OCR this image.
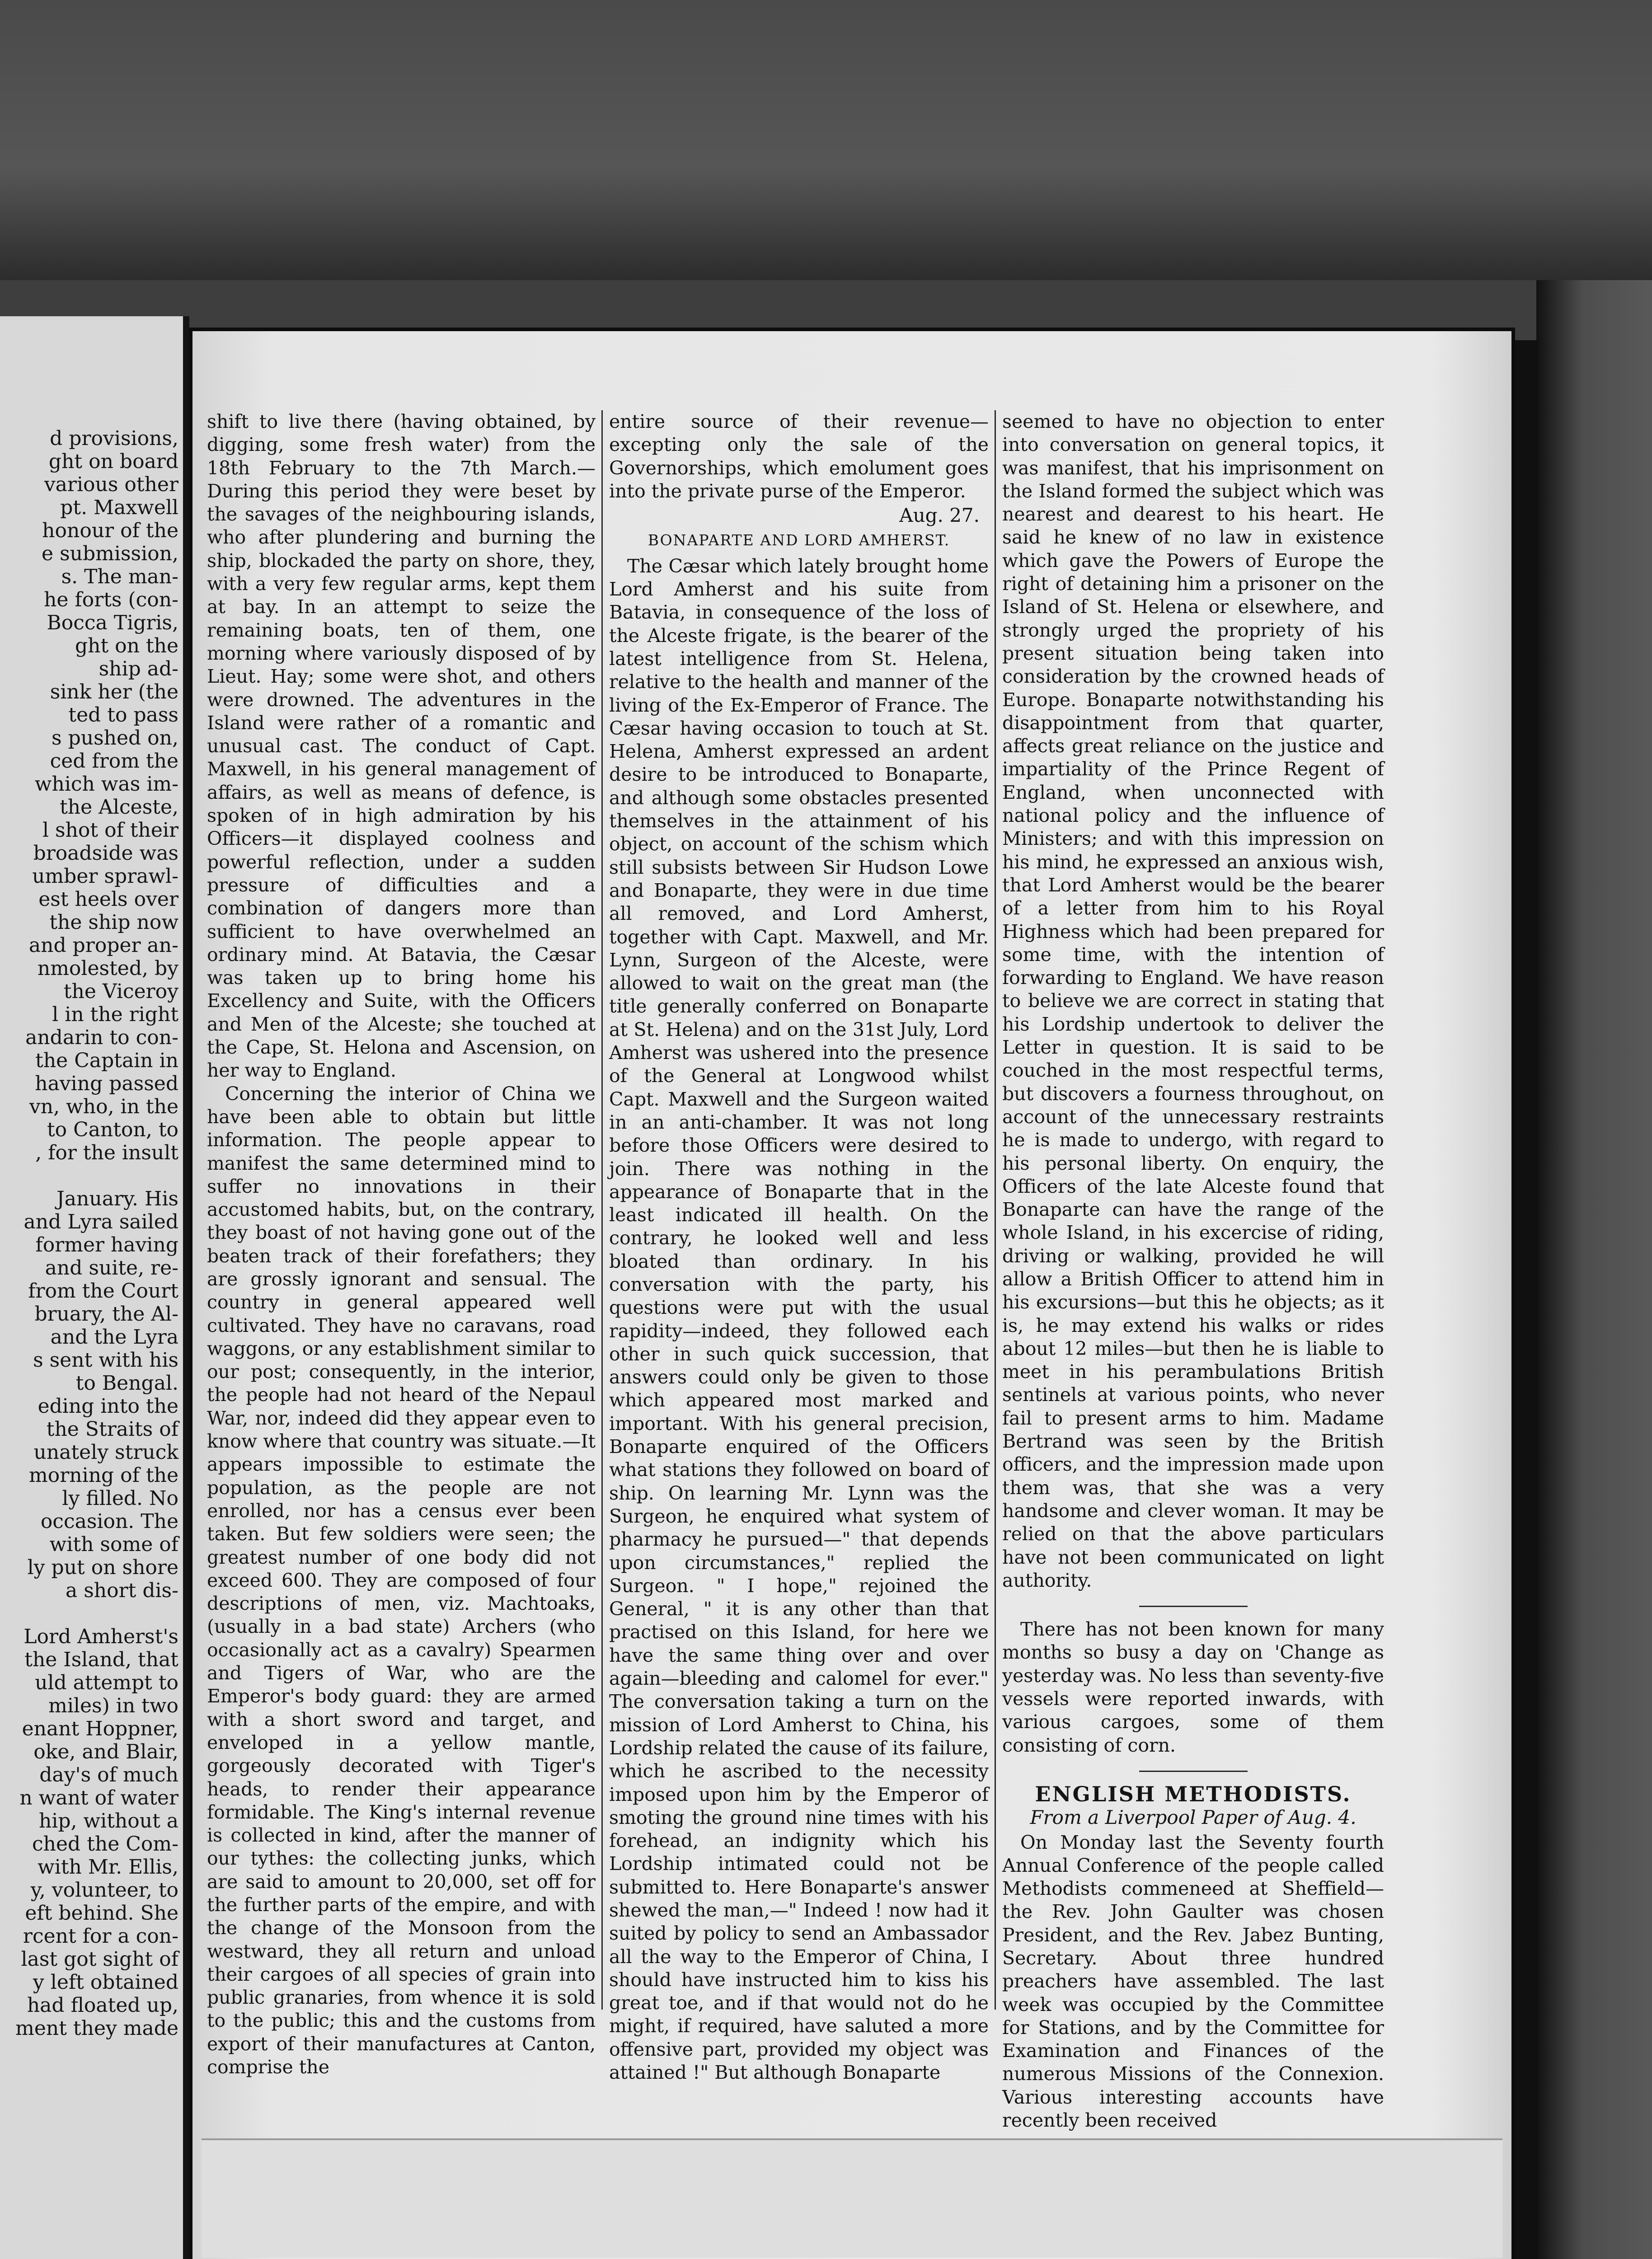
d provisions,
ght on board
various other
pt. Maxwell
honour of the
e submission,
s. The man-
he forts (con-
Bocca Tigris,
ght on the
ship ad-
sink her (the
ted to pass
s pushed on,
ced from the
which was im-
the Alceste,
l shot of their
broadside was
umber sprawl-
est heels over
the ship now
and proper an-
nmolested, by
the Viceroy
l in the right
andarin to con-
the Captain in
having passed
vn, who, in the
to Canton, to
, for the insult
January. His
and Lyra sailed
former having
and suite, re-
from the Court
bruary, the Al-
and the Lyra
s sent with his
to Bengal.
eding into the
the Straits of
unately struck
morning of the
ly filled. No
occasion. The
with some of
ly put on shore
a short dis-
Lord Amherst's
the Island, that
uld attempt to
miles) in two
enant Hoppner,
oke, and Blair,
day's of much
n want of water
hip, without a
ched the Com-
with Mr. Ellis,
y, volunteer, to
eft behind. She
rcent for a con-
last got sight of
y left obtained
had floated up,
ment they made

shift to live there (having obtained, by digging, some fresh water) from the 18th February to the 7th March.—During this period they were beset by the savages of the neighbouring islands, who after plundering and burning the ship, blockaded the party on shore, they, with a very few regular arms, kept them at bay. In an attempt to seize the remaining boats, ten of them, one morning where variously disposed of by Lieut. Hay; some were shot, and others were drowned. The adventures in the Island were rather of a romantic and unusual cast. The conduct of Capt. Maxwell, in his general management of affairs, as well as means of defence, is spoken of in high admiration by his Officers—it displayed coolness and powerful reflection, under a sudden pressure of difficulties and a combination of dangers more than sufficient to have overwhelmed an ordinary mind. At Batavia, the Cæsar was taken up to bring home his Excellency and Suite, with the Officers and Men of the Alceste; she touched at the Cape, St. Helona and Ascension, on her way to England.

Concerning the interior of China we have been able to obtain but little information. The people appear to manifest the same determined mind to suffer no innovations in their accustomed habits, but, on the contrary, they boast of not having gone out of the beaten track of their forefathers; they are grossly ignorant and sensual. The country in general appeared well cultivated. They have no caravans, road waggons, or any establishment similar to our post; consequently, in the interior, the people had not heard of the Nepaul War, nor, indeed did they appear even to know where that country was situate.—It appears impossible to estimate the population, as the people are not enrolled, nor has a census ever been taken. But few soldiers were seen; the greatest number of one body did not exceed 600. They are composed of four descriptions of men, viz. Machtoaks, (usually in a bad state) Archers (who occasionally act as a cavalry) Spearmen and Tigers of War, who are the Emperor's body guard: they are armed with a short sword and target, and enveloped in a yellow mantle, gorgeously decorated with Tiger's heads, to render their appearance formidable. The King's internal revenue is collected in kind, after the manner of our tythes: the collecting junks, which are said to amount to 20,000, set off for the further parts of the empire, and with the change of the Monsoon from the westward, they all return and unload their cargoes of all species of grain into public granaries, from whence it is sold to the public; this and the customs from export of their manufactures at Canton, comprise the

entire source of their revenue—excepting only the sale of the Governorships, which emolument goes into the private purse of the Emperor.

Aug. 27.
BONAPARTE AND LORD AMHERST.

The Cæsar which lately brought home Lord Amherst and his suite from Batavia, in consequence of the loss of the Alceste frigate, is the bearer of the latest intelligence from St. Helena, relative to the health and manner of the living of the Ex-Emperor of France. The Cæsar having occasion to touch at St. Helena, Amherst expressed an ardent desire to be introduced to Bonaparte, and although some obstacles presented themselves in the attainment of his object, on account of the schism which still subsists between Sir Hudson Lowe and Bonaparte, they were in due time all removed, and Lord Amherst, together with Capt. Maxwell, and Mr. Lynn, Surgeon of the Alceste, were allowed to wait on the great man (the title generally conferred on Bonaparte at St. Helena) and on the 31st July, Lord Amherst was ushered into the presence of the General at Longwood whilst Capt. Maxwell and the Surgeon waited in an anti-chamber. It was not long before those Officers were desired to join. There was nothing in the appearance of Bonaparte that in the least indicated ill health. On the contrary, he looked well and less bloated than ordinary. In his conversation with the party, his questions were put with the usual rapidity—indeed, they followed each other in such quick succession, that answers could only be given to those which appeared most marked and important. With his general precision, Bonaparte enquired of the Officers what stations they followed on board of ship. On learning Mr. Lynn was the Surgeon, he enquired what system of pharmacy he pursued—" that depends upon circumstances," replied the Surgeon. " I hope," rejoined the General, " it is any other than that practised on this Island, for here we have the same thing over and over again—bleeding and calomel for ever." The conversation taking a turn on the mission of Lord Amherst to China, his Lordship related the cause of its failure, which he ascribed to the necessity imposed upon him by the Emperor of smoting the ground nine times with his forehead, an indignity which his Lordship intimated could not be submitted to. Here Bonaparte's answer shewed the man,—" Indeed ! now had it suited by policy to send an Ambassador all the way to the Emperor of China, I should have instructed him to kiss his great toe, and if that would not do he might, if required, have saluted a more offensive part, provided my object was attained !" But although Bonaparte

seemed to have no objection to enter into conversation on general topics, it was manifest, that his imprisonment on the Island formed the subject which was nearest and dearest to his heart. He said he knew of no law in existence which gave the Powers of Europe the right of detaining him a prisoner on the Island of St. Helena or elsewhere, and strongly urged the propriety of his present situation being taken into consideration by the crowned heads of Europe. Bonaparte notwithstanding his disappointment from that quarter, affects great reliance on the justice and impartiality of the Prince Regent of England, when unconnected with national policy and the influence of Ministers; and with this impression on his mind, he expressed an anxious wish, that Lord Amherst would be the bearer of a letter from him to his Royal Highness which had been prepared for some time, with the intention of forwarding to England. We have reason to believe we are correct in stating that his Lordship undertook to deliver the Letter in question. It is said to be couched in the most respectful terms, but discovers a fourness throughout, on account of the unnecessary restraints he is made to undergo, with regard to his personal liberty. On enquiry, the Officers of the late Alceste found that Bonaparte can have the range of the whole Island, in his excercise of riding, driving or walking, provided he will allow a British Officer to attend him in his excursions—but this he objects; as it is, he may extend his walks or rides about 12 miles—but then he is liable to meet in his perambulations British sentinels at various points, who never fail to present arms to him. Madame Bertrand was seen by the British officers, and the impression made upon them was, that she was a very handsome and clever woman. It may be relied on that the above particulars have not been communicated on light authority.

There has not been known for many months so busy a day on 'Change as yesterday was. No less than seventy-five vessels were reported inwards, with various cargoes, some of them consisting of corn.

ENGLISH METHODISTS.
From a Liverpool Paper of Aug. 4.

On Monday last the Seventy fourth Annual Conference of the people called Methodists commeneed at Sheffield—the Rev. John Gaulter was chosen President, and the Rev. Jabez Bunting, Secretary. About three hundred preachers have assembled. The last week was occupied by the Committee for Stations, and by the Committee for Examination and Finances of the numerous Missions of the Connexion. Various interesting accounts have recently been received
